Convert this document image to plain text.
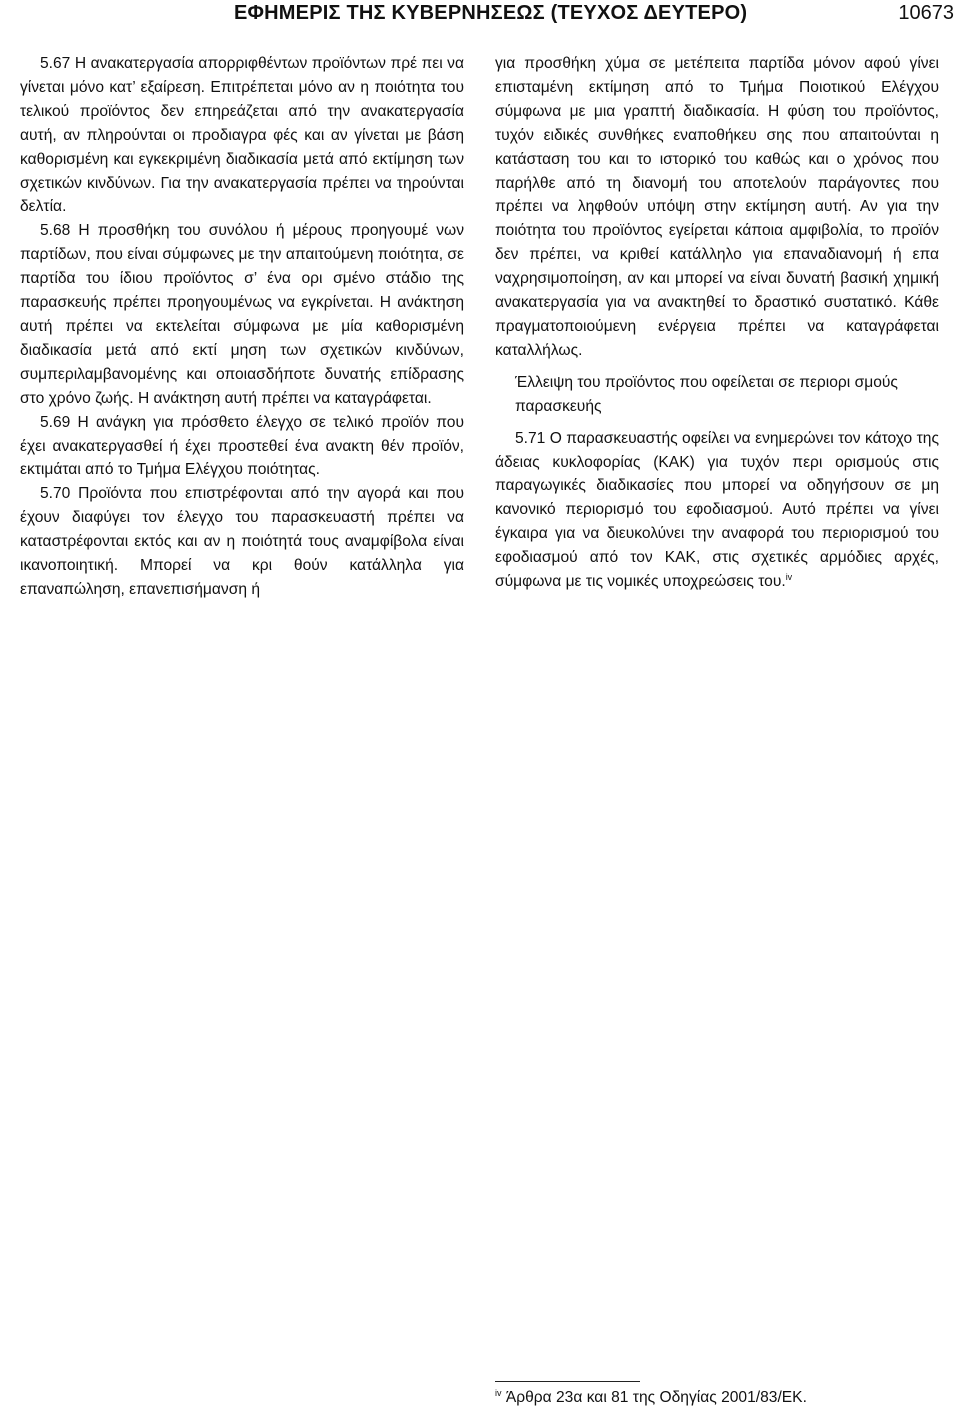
ΕΦΗΜΕΡΙΣ ΤΗΣ ΚΥΒΕΡΝΗΣΕΩΣ (ΤΕΥΧΟΣ ΔΕΥΤΕΡΟ)	10673

5.67 Η ανακατεργασία απορριφθέντων προϊόντων πρέ πει να γίνεται μόνο κατ’ εξαίρεση. Επιτρέπεται μόνο αν η ποιότητα του τελικού προϊόντος δεν επηρεάζεται από την ανακατεργασία αυτή, αν πληρούνται οι προδιαγρα φές και αν γίνεται με βάση καθορισμένη και εγκεκριμένη διαδικασία μετά από εκτίμηση των σχετικών κινδύνων. Για την ανακατεργασία πρέπει να τηρούνται δελτία.

5.68 Η προσθήκη του συνόλου ή μέρους προηγουμέ νων παρτίδων, που είναι σύμφωνες με την απαιτούμενη ποιότητα, σε παρτίδα του ίδιου προϊόντος σ’ ένα ορι σμένο στάδιο της παρασκευής πρέπει προηγουμένως να εγκρίνεται. Η ανάκτηση αυτή πρέπει να εκτελείται σύμφωνα με μία καθορισμένη διαδικασία μετά από εκτί μηση των σχετικών κινδύνων, συμπεριλαμβανομένης και οποιασδήποτε δυνατής επίδρασης στο χρόνο ζωής. Η ανάκτηση αυτή πρέπει να καταγράφεται.

5.69 Η ανάγκη για πρόσθετο έλεγχο σε τελικό προϊόν που έχει ανακατεργασθεί ή έχει προστεθεί ένα ανακτη θέν προϊόν, εκτιμάται από το Τμήμα Ελέγχου ποιότητας.

5.70 Προϊόντα που επιστρέφονται από την αγορά και που έχουν διαφύγει τον έλεγχο του παρασκευαστή πρέπει να καταστρέφονται εκτός και αν η ποιότητά τους αναμφίβολα είναι ικανοποιητική. Μπορεί να κρι θούν κατάλληλα για επαναπώληση, επανεπισήμανση ή

για προσθήκη χύμα σε μετέπειτα παρτίδα μόνον αφού γίνει επισταμένη εκτίμηση από το Τμήμα Ποιοτικού Ελέγχου σύμφωνα με μια γραπτή διαδικασία. Η φύση του προϊόντος, τυχόν ειδικές συνθήκες εναποθήκευ σης που απαιτούνται η κατάσταση του και το ιστορικό του καθώς και ο χρόνος που παρήλθε από τη διανομή του αποτελούν παράγοντες που πρέπει να ληφθούν υπόψη στην εκτίμηση αυτή. Αν για την ποιότητα του προϊόντος εγείρεται κάποια αμφιβολία, το προϊόν δεν πρέπει, να κριθεί κατάλληλο για επαναδιανομή ή επα ναχρησιμοποίηση, αν και μπορεί να είναι δυνατή βασική χημική ανακατεργασία για να ανακτηθεί το δραστικό συστατικό. Κάθε πραγματοποιούμενη ενέργεια πρέπει να καταγράφεται καταλλήλως.

Έλλειψη του προϊόντος που οφείλεται σε περιορι σμούς παρασκευής

5.71 Ο παρασκευαστής οφείλει να ενημερώνει τον κάτοχο της άδειας κυκλοφορίας (ΚΑΚ) για τυχόν περι ορισμούς στις παραγωγικές διαδικασίες που μπορεί να οδηγήσουν σε μη κανονικό περιορισμό του εφοδιασμού. Αυτό πρέπει να γίνει έγκαιρα για να διευκολύνει την αναφορά του περιορισμού του εφοδιασμού από τον ΚΑΚ, στις σχετικές αρμόδιες αρχές, σύμφωνα με τις νομικές υποχρεώσεις του.$^{iv}$

$^{iv}$ Άρθρα 23α και 81 της Οδηγίας 2001/83/ΕΚ.
